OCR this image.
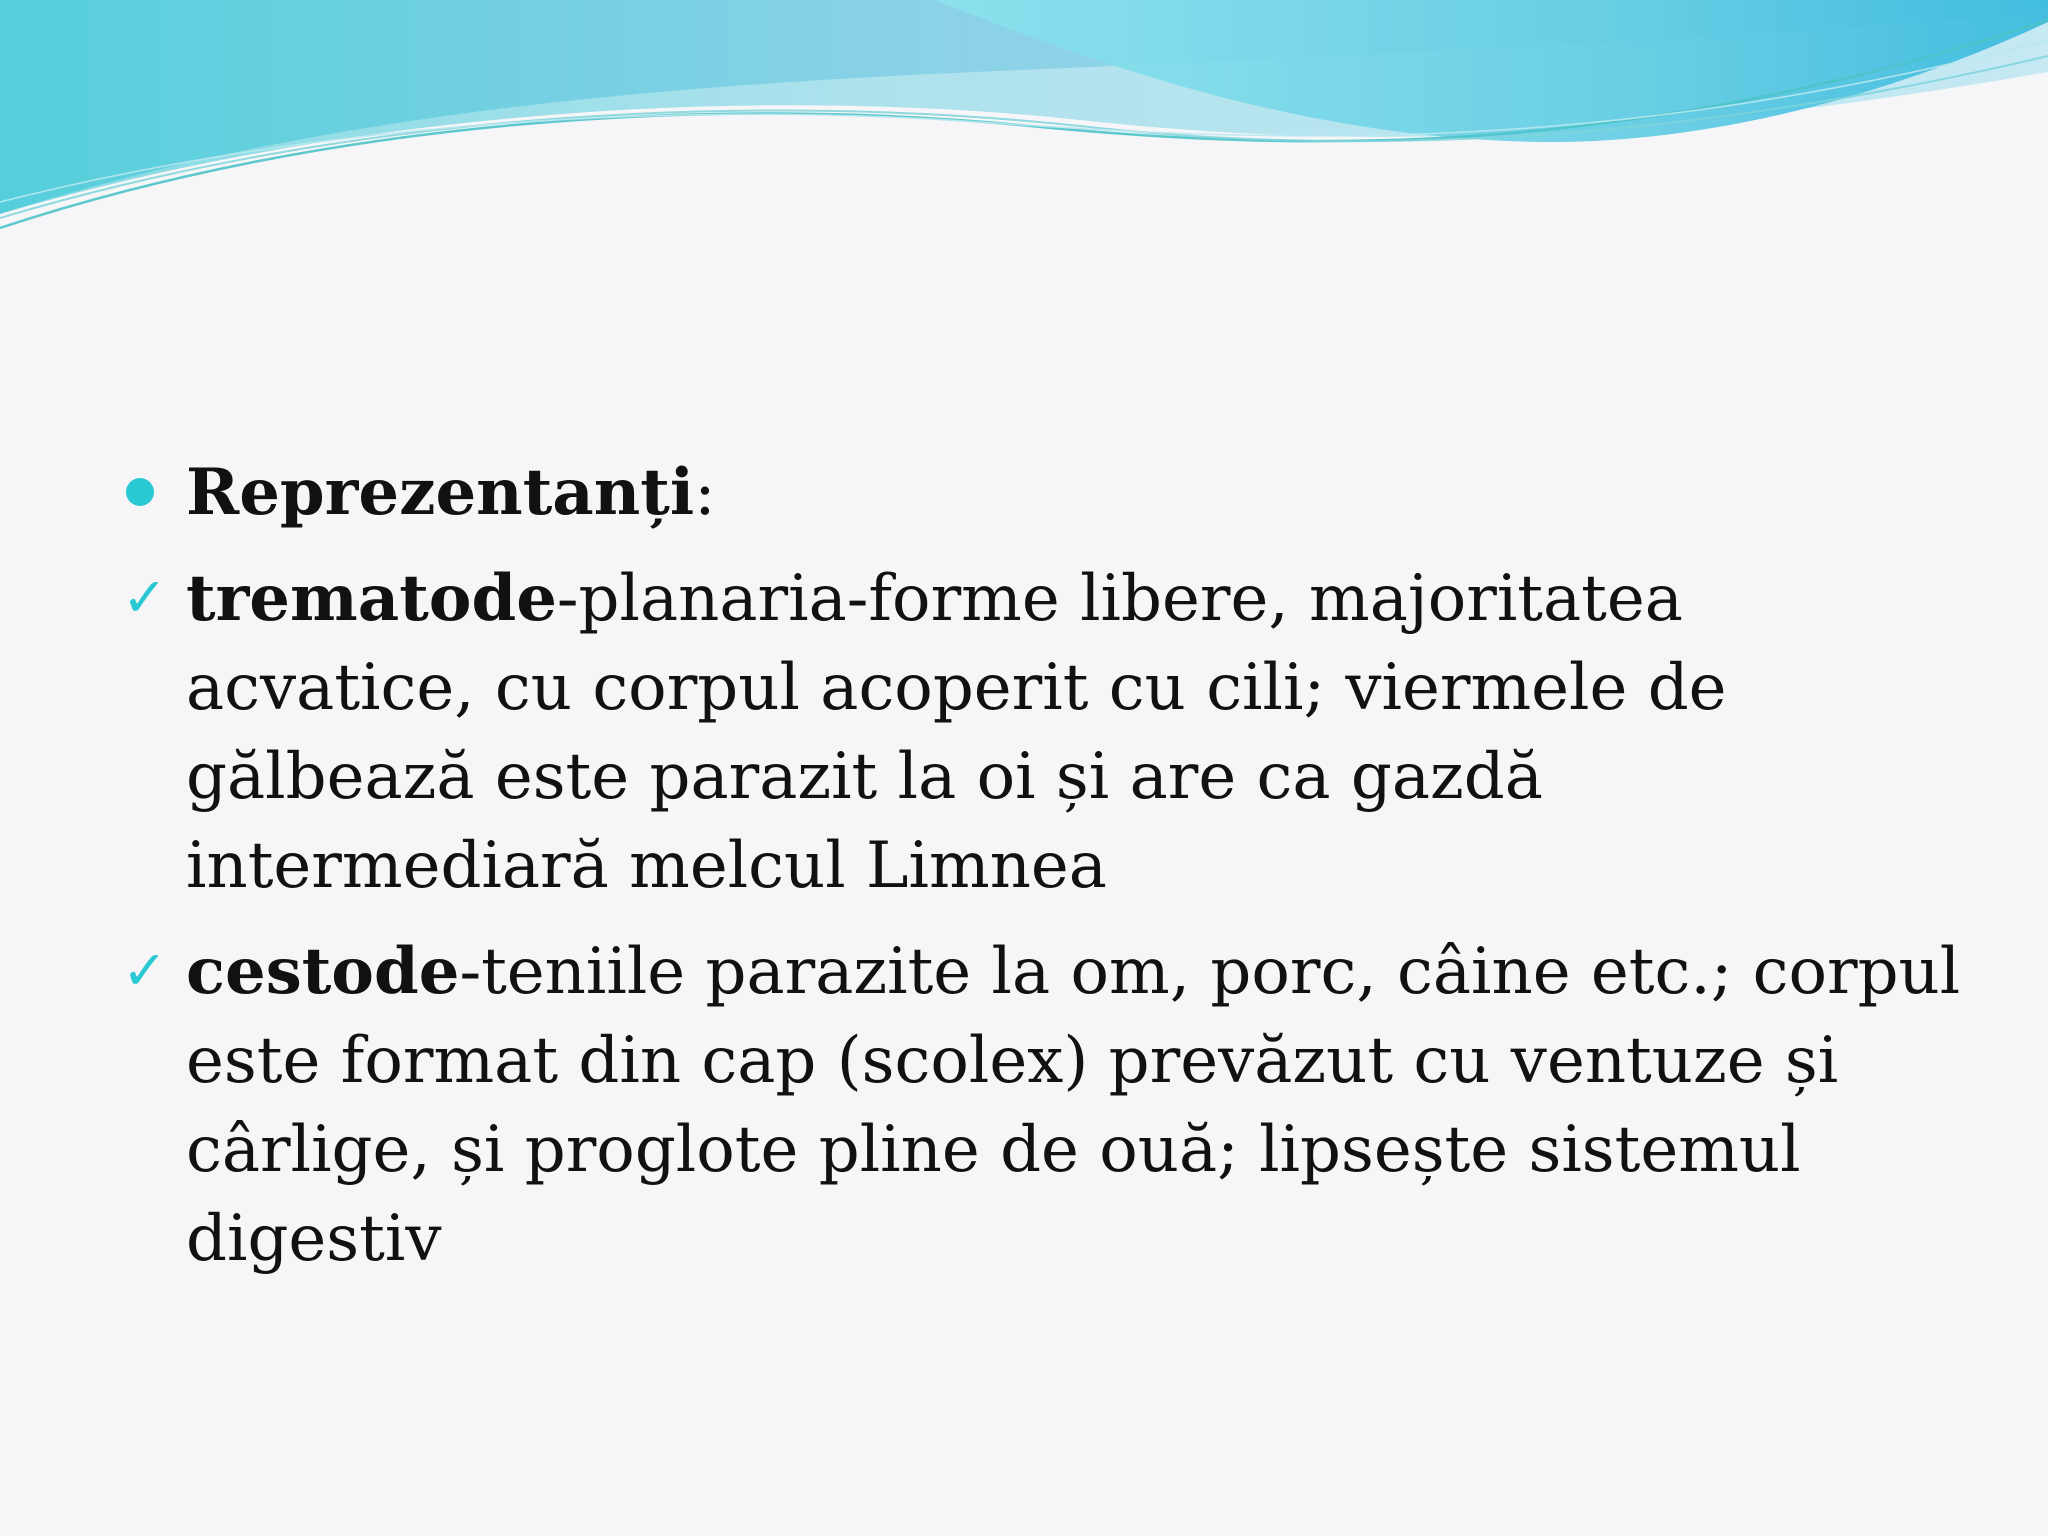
Reprezentanți:
✓ trematode-planaria-forme libere, majoritatea acvatice, cu corpul acoperit cu cili; viermele de gălbează este parazit la oi și are ca gazdă intermediară melcul Limnea
✓ cestode-teniile parazite la om, porc, câine etc.; corpul este format din cap (scolex) prevăzut cu ventuze și cârlige, și proglote pline de ouă; lipsește sistemul digestiv
